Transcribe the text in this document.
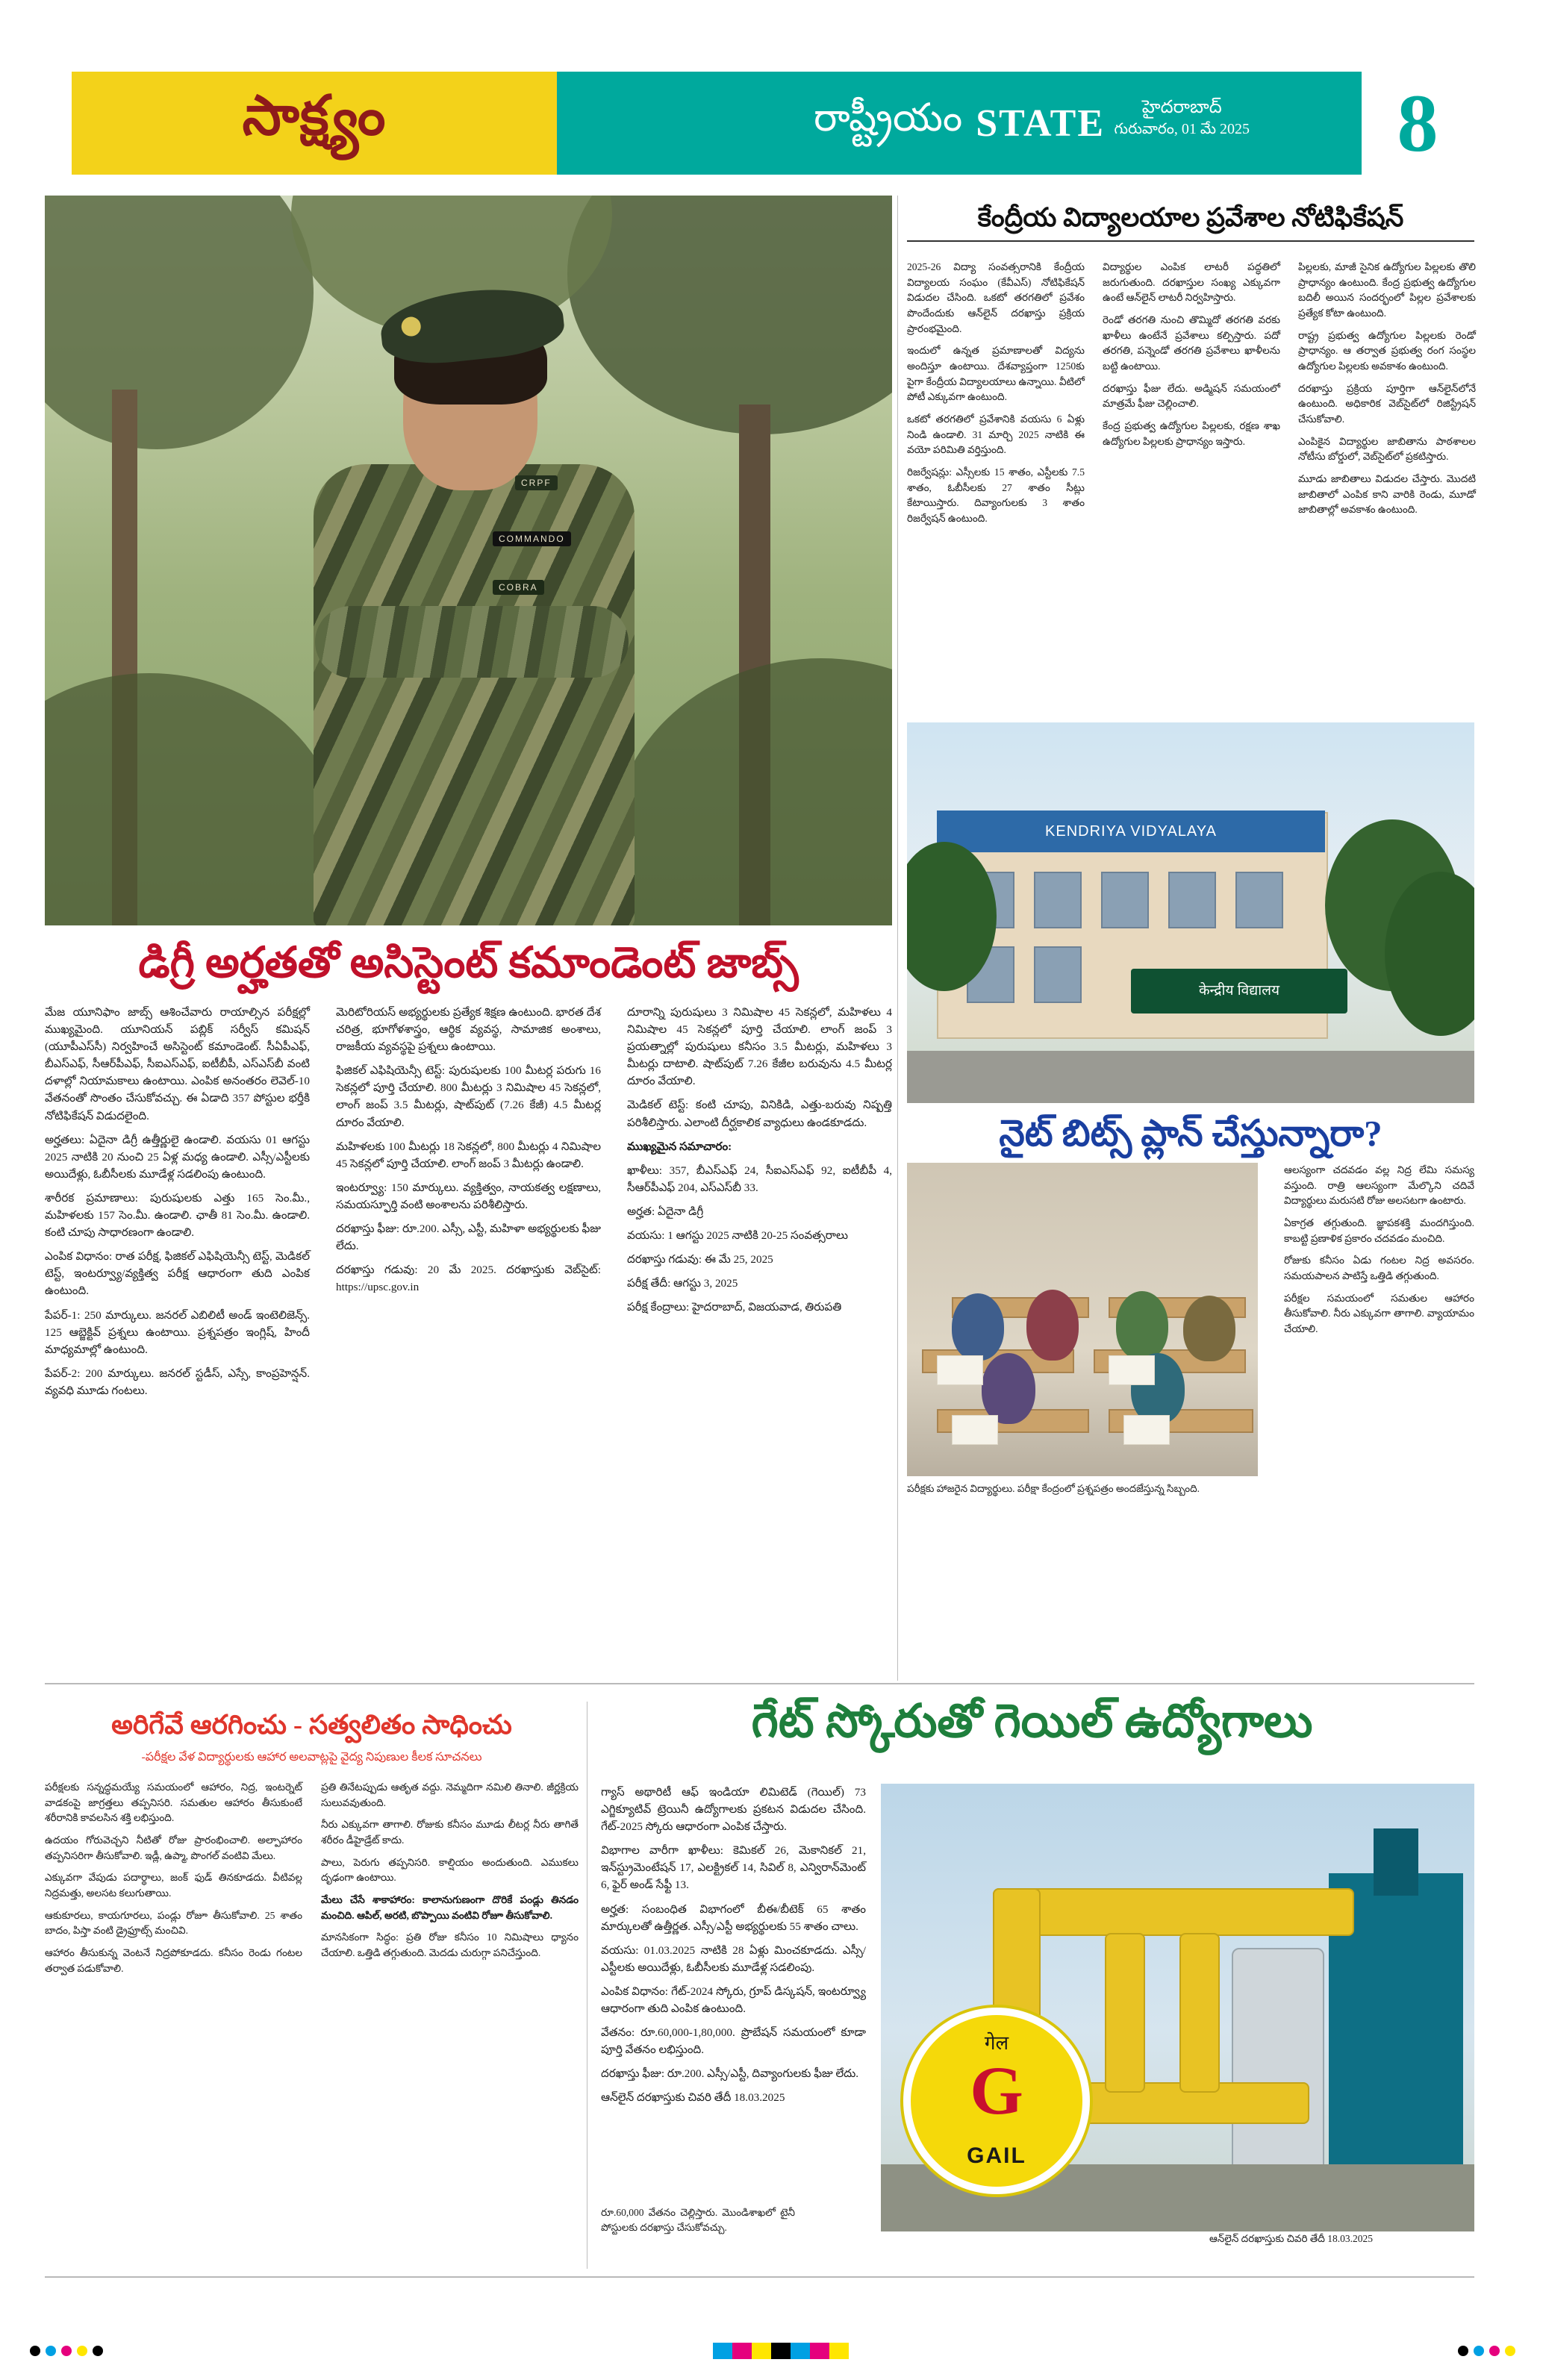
సాక్ష్యం	రాష్ట్రీయం STATE	హైదరాబాద్
గురువారం, 01 మే 2025 8
COMMANDO
CRPF
COBRA
డిగ్రీ అర్హతతో అసిస్టెంట్ కమాండెంట్ జాబ్స్

మేజ యూనిఫాం జాబ్స్ ఆశించేవారు రాయాల్సిన పరీక్షల్లో ముఖ్యమైంది. యూనియన్ పబ్లిక్ సర్వీస్ కమిషన్ (యూపీఎస్‌సీ) నిర్వహించే అసిస్టెంట్ కమాండెంట్. సీఏపీఎఫ్, బీఎస్ఎఫ్, సీఆర్‌పీఎఫ్, సీఐఎస్ఎఫ్, ఐటీబీపీ, ఎస్ఎస్‌బీ వంటి దళాల్లో నియామకాలు ఉంటాయి. ఎంపిక అనంతరం లెవెల్-10 వేతనంతో సొంతం చేసుకోవచ్చు. ఈ ఏడాది 357 పోస్టుల భర్తీకి నోటిఫికేషన్ విడుదలైంది.

అర్హతలు: ఏదైనా డిగ్రీ ఉత్తీర్ణులై ఉండాలి. వయసు 01 ఆగస్టు 2025 నాటికి 20 నుంచి 25 ఏళ్ల మధ్య ఉండాలి. ఎస్సీ/ఎస్టీలకు అయిదేళ్లు, ఓబీసీలకు మూడేళ్ల సడలింపు ఉంటుంది.

శారీరక ప్రమాణాలు: పురుషులకు ఎత్తు 165 సెం.మీ., మహిళలకు 157 సెం.మీ. ఉండాలి. ఛాతీ 81 సెం.మీ. ఉండాలి. కంటి చూపు సాధారణంగా ఉండాలి.

ఎంపిక విధానం: రాత పరీక్ష, ఫిజికల్ ఎఫిషియెన్సీ టెస్ట్, మెడికల్ టెస్ట్, ఇంటర్వ్యూ/వ్యక్తిత్వ పరీక్ష ఆధారంగా తుది ఎంపిక ఉంటుంది.

పేపర్-1: 250 మార్కులు. జనరల్ ఎబిలిటీ అండ్ ఇంటెలిజెన్స్. 125 ఆబ్జెక్టివ్ ప్రశ్నలు ఉంటాయి. ప్రశ్నపత్రం ఇంగ్లిష్, హిందీ మాధ్యమాల్లో ఉంటుంది.

పేపర్-2: 200 మార్కులు. జనరల్ స్టడీస్, ఎస్సే, కాంప్రహెన్షన్. వ్యవధి మూడు గంటలు.

మెరిటోరియస్ అభ్యర్థులకు ప్రత్యేక శిక్షణ ఉంటుంది. భారత దేశ చరిత్ర, భూగోళశాస్త్రం, ఆర్థిక వ్యవస్థ, సామాజిక అంశాలు, రాజకీయ వ్యవస్థపై ప్రశ్నలు ఉంటాయి.

ఫిజికల్ ఎఫిషియెన్సీ టెస్ట్: పురుషులకు 100 మీటర్ల పరుగు 16 సెకన్లలో పూర్తి చేయాలి. 800 మీటర్లు 3 నిమిషాల 45 సెకన్లలో, లాంగ్ జంప్ 3.5 మీటర్లు, షాట్‌పుట్ (7.26 కేజీ) 4.5 మీటర్ల దూరం వేయాలి.

మహిళలకు 100 మీటర్లు 18 సెకన్లలో, 800 మీటర్లు 4 నిమిషాల 45 సెకన్లలో పూర్తి చేయాలి. లాంగ్ జంప్ 3 మీటర్లు ఉండాలి.

ఇంటర్వ్యూ: 150 మార్కులు. వ్యక్తిత్వం, నాయకత్వ లక్షణాలు, సమయస్ఫూర్తి వంటి అంశాలను పరిశీలిస్తారు.

దరఖాస్తు ఫీజు: రూ.200. ఎస్సీ, ఎస్టీ, మహిళా అభ్యర్థులకు ఫీజు లేదు.

దరఖాస్తు గడువు: 20 మే 2025. దరఖాస్తుకు వెబ్‌సైట్: https://upsc.gov.in

దూరాన్ని పురుషులు 3 నిమిషాల 45 సెకన్లలో, మహిళలు 4 నిమిషాల 45 సెకన్లలో పూర్తి చేయాలి. లాంగ్ జంప్ 3 ప్రయత్నాల్లో పురుషులు కనీసం 3.5 మీటర్లు, మహిళలు 3 మీటర్లు దాటాలి. షాట్‌పుట్ 7.26 కేజీల బరువును 4.5 మీటర్ల దూరం వేయాలి.

మెడికల్ టెస్ట్: కంటి చూపు, వినికిడి, ఎత్తు-బరువు నిష్పత్తి పరిశీలిస్తారు. ఎలాంటి దీర్ఘకాలిక వ్యాధులు ఉండకూడదు.

ముఖ్యమైన సమాచారం:

ఖాళీలు: 357, బీఎస్ఎఫ్ 24, సీఐఎస్ఎఫ్ 92, ఐటీబీపీ 4, సీఆర్‌పీఎఫ్ 204, ఎస్ఎస్‌బీ 33.

అర్హత: ఏదైనా డిగ్రీ

వయసు: 1 ఆగస్టు 2025 నాటికి 20-25 సంవత్సరాలు

దరఖాస్తు గడువు: ఈ మే 25, 2025

పరీక్ష తేదీ: ఆగస్టు 3, 2025

పరీక్ష కేంద్రాలు: హైదరాబాద్, విజయవాడ, తిరుపతి

కేంద్రీయ విద్యాలయాల ప్రవేశాల నోటిఫికేషన్

2025-26 విద్యా సంవత్సరానికి కేంద్రీయ విద్యాలయ సంఘం (కేవీఎస్) నోటిఫికేషన్ విడుదల చేసింది. ఒకటో తరగతిలో ప్రవేశం పొందేందుకు ఆన్‌లైన్ దరఖాస్తు ప్రక్రియ ప్రారంభమైంది.

ఇందులో ఉన్నత ప్రమాణాలతో విద్యను అందిస్తూ ఉంటాయి. దేశవ్యాప్తంగా 1250కు పైగా కేంద్రీయ విద్యాలయాలు ఉన్నాయి. వీటిలో పోటీ ఎక్కువగా ఉంటుంది.

ఒకటో తరగతిలో ప్రవేశానికి వయసు 6 ఏళ్లు నిండి ఉండాలి. 31 మార్చి 2025 నాటికి ఈ వయో పరిమితి వర్తిస్తుంది.

రిజర్వేషన్లు: ఎస్సీలకు 15 శాతం, ఎస్టీలకు 7.5 శాతం, ఓబీసీలకు 27 శాతం సీట్లు కేటాయిస్తారు. దివ్యాంగులకు 3 శాతం రిజర్వేషన్ ఉంటుంది.

విద్యార్థుల ఎంపిక లాటరీ పద్ధతిలో జరుగుతుంది. దరఖాస్తుల సంఖ్య ఎక్కువగా ఉంటే ఆన్‌లైన్ లాటరీ నిర్వహిస్తారు.

రెండో తరగతి నుంచి తొమ్మిదో తరగతి వరకు ఖాళీలు ఉంటేనే ప్రవేశాలు కల్పిస్తారు. పదో తరగతి, పన్నెండో తరగతి ప్రవేశాలు ఖాళీలను బట్టి ఉంటాయి.

దరఖాస్తు ఫీజు లేదు. అడ్మిషన్ సమయంలో మాత్రమే ఫీజు చెల్లించాలి.

కేంద్ర ప్రభుత్వ ఉద్యోగుల పిల్లలకు, రక్షణ శాఖ ఉద్యోగుల పిల్లలకు ప్రాధాన్యం ఇస్తారు.

పిల్లలకు, మాజీ సైనిక ఉద్యోగుల పిల్లలకు తొలి ప్రాధాన్యం ఉంటుంది. కేంద్ర ప్రభుత్వ ఉద్యోగుల బదిలీ అయిన సందర్భంలో పిల్లల ప్రవేశాలకు ప్రత్యేక కోటా ఉంటుంది.

రాష్ట్ర ప్రభుత్వ ఉద్యోగుల పిల్లలకు రెండో ప్రాధాన్యం. ఆ తర్వాత ప్రభుత్వ రంగ సంస్థల ఉద్యోగుల పిల్లలకు అవకాశం ఉంటుంది.

దరఖాస్తు ప్రక్రియ పూర్తిగా ఆన్‌లైన్‌లోనే ఉంటుంది. అధికారిక వెబ్‌సైట్‌లో రిజిస్ట్రేషన్ చేసుకోవాలి.

ఎంపికైన విద్యార్థుల జాబితాను పాఠశాలల నోటీసు బోర్డులో, వెబ్‌సైట్‌లో ప్రకటిస్తారు.

మూడు జాబితాలు విడుదల చేస్తారు. మొదటి జాబితాలో ఎంపిక కాని వారికి రెండు, మూడో జాబితాల్లో అవకాశం ఉంటుంది.

KENDRIYA VIDYALAYA
केन्द्रीय विद्यालय
నైట్ బిట్స్ ప్లాన్ చేస్తున్నారా?
పరీక్షకు హాజరైన విద్యార్థులు. పరీక్షా కేంద్రంలో ప్రశ్నపత్రం అందజేస్తున్న సిబ్బంది.

ఆలస్యంగా చదవడం వల్ల నిద్ర లేమి సమస్య వస్తుంది. రాత్రి ఆలస్యంగా మేల్కొని చదివే విద్యార్థులు మరుసటి రోజు అలసటగా ఉంటారు.

ఏకాగ్రత తగ్గుతుంది. జ్ఞాపకశక్తి మందగిస్తుంది. కాబట్టి ప్రణాళిక ప్రకారం చదవడం మంచిది.

రోజుకు కనీసం ఏడు గంటల నిద్ర అవసరం. సమయపాలన పాటిస్తే ఒత్తిడి తగ్గుతుంది.

పరీక్షల సమయంలో సమతుల ఆహారం తీసుకోవాలి. నీరు ఎక్కువగా తాగాలి. వ్యాయామం చేయాలి.

అరిగేవే ఆరగించు - సత్వలితం సాధించు
-పరీక్షల వేళ విద్యార్థులకు ఆహార అలవాట్లపై వైద్య నిపుణుల కీలక సూచనలు

పరీక్షలకు సన్నద్ధమయ్యే సమయంలో ఆహారం, నిద్ర, ఇంటర్నెట్ వాడకంపై జాగ్రత్తలు తప్పనిసరి. సమతుల ఆహారం తీసుకుంటే శరీరానికి కావలసిన శక్తి లభిస్తుంది.

ఉదయం గోరువెచ్చని నీటితో రోజు ప్రారంభించాలి. అల్పాహారం తప్పనిసరిగా తీసుకోవాలి. ఇడ్లీ, ఉప్మా, పొంగల్ వంటివి మేలు.

ఎక్కువగా వేపుడు పదార్థాలు, జంక్ ఫుడ్ తినకూడదు. వీటివల్ల నిద్రమత్తు, అలసట కలుగుతాయి.

ఆకుకూరలు, కాయగూరలు, పండ్లు రోజూ తీసుకోవాలి. 25 శాతం బాదం, పిస్తా వంటి డ్రైఫ్రూట్స్ మంచివి.

ఆహారం తీసుకున్న వెంటనే నిద్రపోకూడదు. కనీసం రెండు గంటల తర్వాత పడుకోవాలి.

ప్రతి తినేటప్పుడు ఆతృత వద్దు. నెమ్మదిగా నమిలి తినాలి. జీర్ణక్రియ సులువవుతుంది.

నీరు ఎక్కువగా తాగాలి. రోజుకు కనీసం మూడు లీటర్ల నీరు తాగితే శరీరం డీహైడ్రేట్ కాదు.

పాలు, పెరుగు తప్పనిసరి. కాల్షియం అందుతుంది. ఎముకలు దృఢంగా ఉంటాయి.

మేలు చేసే శాకాహారం: కాలానుగుణంగా దొరికే పండ్లు తినడం మంచిది. ఆపిల్, అరటి, బొప్పాయి వంటివి రోజూ తీసుకోవాలి.

మానసికంగా సిద్ధం: ప్రతి రోజు కనీసం 10 నిమిషాలు ధ్యానం చేయాలి. ఒత్తిడి తగ్గుతుంది. మెదడు చురుగ్గా పనిచేస్తుంది.

గేట్ స్కోరుతో గెయిల్ ఉద్యోగాలు

గ్యాస్ అథారిటీ ఆఫ్ ఇండియా లిమిటెడ్ (గెయిల్) 73 ఎగ్జిక్యూటివ్ ట్రెయినీ ఉద్యోగాలకు ప్రకటన విడుదల చేసింది. గేట్-2025 స్కోరు ఆధారంగా ఎంపిక చేస్తారు.

విభాగాల వారీగా ఖాళీలు: కెమికల్ 26, మెకానికల్ 21, ఇన్‌స్ట్రుమెంటేషన్ 17, ఎలక్ట్రికల్ 14, సివిల్ 8, ఎన్విరాన్‌మెంట్ 6, ఫైర్ అండ్ సేఫ్టీ 13.

అర్హత: సంబంధిత విభాగంలో బీఈ/బీటెక్ 65 శాతం మార్కులతో ఉత్తీర్ణత. ఎస్సీ/ఎస్టీ అభ్యర్థులకు 55 శాతం చాలు.

వయసు: 01.03.2025 నాటికి 28 ఏళ్లు మించకూడదు. ఎస్సీ/ఎస్టీలకు అయిదేళ్లు, ఓబీసీలకు మూడేళ్ల సడలింపు.

ఎంపిక విధానం: గేట్-2024 స్కోరు, గ్రూప్ డిస్కషన్, ఇంటర్వ్యూ ఆధారంగా తుది ఎంపిక ఉంటుంది.

వేతనం: రూ.60,000-1,80,000. ప్రొబేషన్ సమయంలో కూడా పూర్తి వేతనం లభిస్తుంది.

దరఖాస్తు ఫీజు: రూ.200. ఎస్సీ/ఎస్టీ, దివ్యాంగులకు ఫీజు లేదు.

ఆన్‌లైన్ దరఖాస్తుకు చివరి తేదీ 18.03.2025

गेल
G
GAIL
రూ.60,000 వేతనం చెల్లిస్తారు. మొండిశాఖలో టైనీ పోస్టులకు దరఖాస్తు చేసుకోవచ్చు.
ఆన్‌లైన్ దరఖాస్తుకు చివరి తేదీ 18.03.2025
